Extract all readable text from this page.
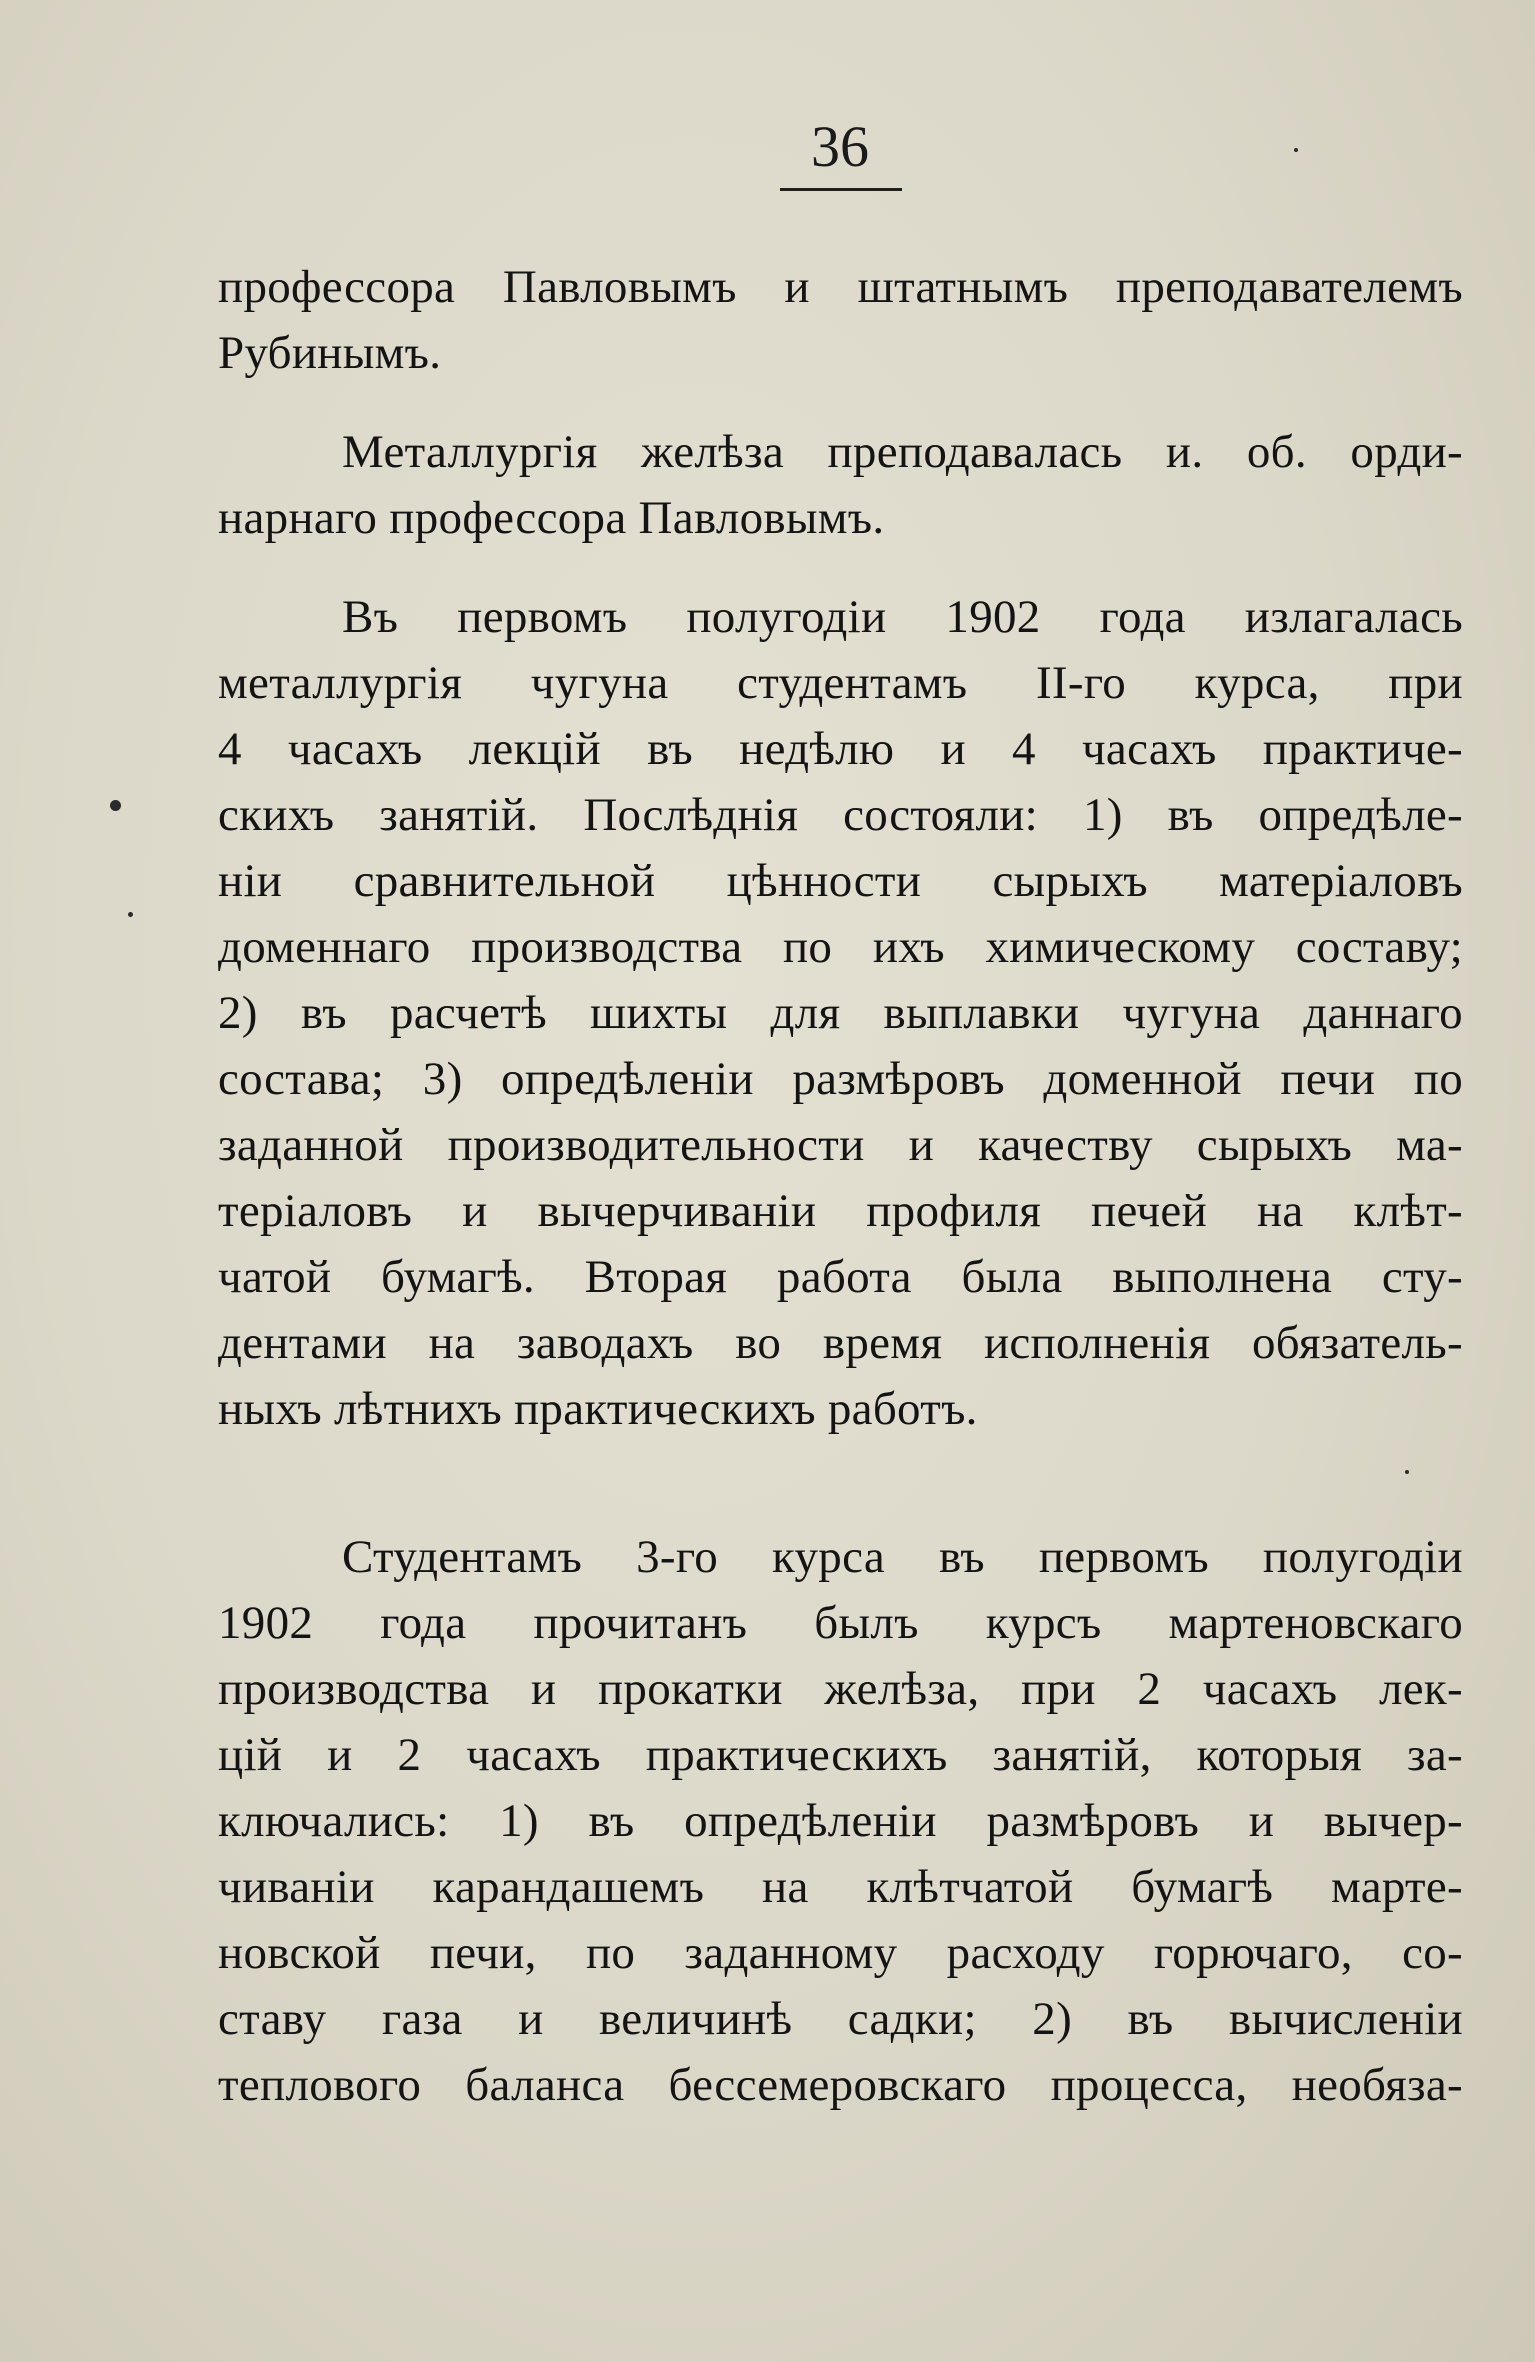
36
профессора Павловымъ и штатнымъ преподавателемъ
Рубинымъ.
Металлургія желѣза преподавалась и. об. орди-
нарнаго профессора Павловымъ.
Въ первомъ полугодіи 1902 года излагалась
металлургія чугуна студентамъ II-го курса, при
4 часахъ лекцій въ недѣлю и 4 часахъ практиче-
скихъ занятій. Послѣднія состояли: 1) въ опредѣле-
ніи сравнительной цѣнности сырыхъ матеріаловъ
доменнаго производства по ихъ химическому составу;
2) въ расчетѣ шихты для выплавки чугуна даннаго
состава; 3) опредѣленіи размѣровъ доменной печи по
заданной производительности и качеству сырыхъ ма-
теріаловъ и вычерчиваніи профиля печей на клѣт-
чатой бумагѣ. Вторая работа была выполнена сту-
дентами на заводахъ во время исполненія обязатель-
ныхъ лѣтнихъ практическихъ работъ.
Студентамъ 3-го курса въ первомъ полугодіи
1902 года прочитанъ былъ курсъ мартеновскаго
производства и прокатки желѣза, при 2 часахъ лек-
цій и 2 часахъ практическихъ занятій, которыя за-
ключались: 1) въ опредѣленіи размѣровъ и вычер-
чиваніи карандашемъ на клѣтчатой бумагѣ марте-
новской печи, по заданному расходу горючаго, со-
ставу газа и величинѣ садки; 2) въ вычисленіи
теплового баланса бессемеровскаго процесса, необяза-
